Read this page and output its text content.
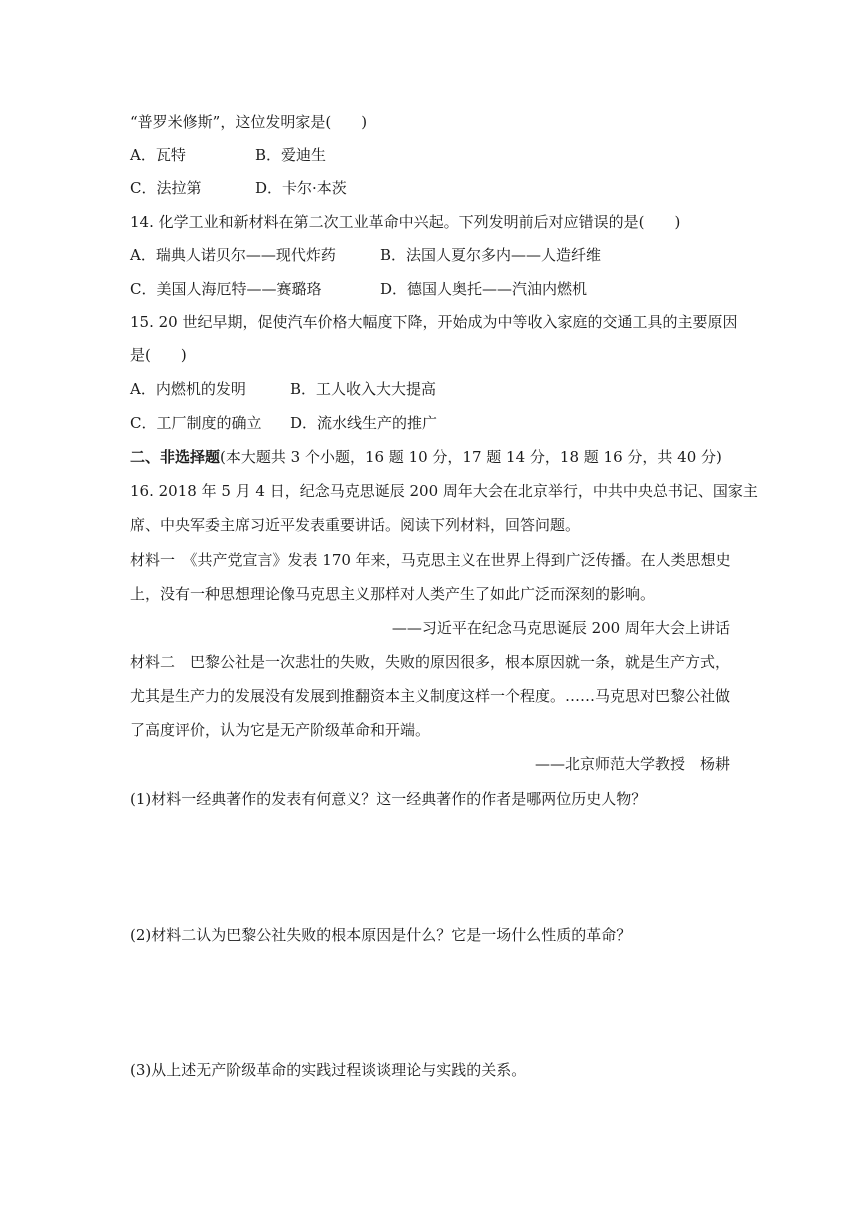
“普罗米修斯”，这位发明家是(　　)
A．瓦特	B．爱迪生
C．法拉第	D．卡尔·本茨
14. 化学工业和新材料在第二次工业革命中兴起。下列发明前后对应错误的是(　　)
A．瑞典人诺贝尔——现代炸药	B．法国人夏尔多内——人造纤维
C．美国人海厄特——赛璐珞	D．德国人奥托——汽油内燃机
15. 20 世纪早期，促使汽车价格大幅度下降，开始成为中等收入家庭的交通工具的主要原因
是(　　)
A．内燃机的发明	B．工人收入大大提高
C．工厂制度的确立 D．流水线生产的推广
二、非选择题(本大题共 3 个小题，16 题 10 分，17 题 14 分，18 题 16 分，共 40 分)
16. 2018 年 5 月 4 日，纪念马克思诞辰 200 周年大会在北京举行，中共中央总书记、国家主
席、中央军委主席习近平发表重要讲话。阅读下列材料，回答问题。
材料一　《共产党宣言》发表 170 年来，马克思主义在世界上得到广泛传播。在人类思想史
上，没有一种思想理论像马克思主义那样对人类产生了如此广泛而深刻的影响。
——习近平在纪念马克思诞辰 200 周年大会上讲话
材料二　巴黎公社是一次悲壮的失败，失败的原因很多，根本原因就一条，就是生产方式，
尤其是生产力的发展没有发展到推翻资本主义制度这样一个程度。……马克思对巴黎公社做
了高度评价，认为它是无产阶级革命和开端。
——北京师范大学教授　杨耕
(1)材料一经典著作的发表有何意义？这一经典著作的作者是哪两位历史人物？
(2)材料二认为巴黎公社失败的根本原因是什么？它是一场什么性质的革命？
(3)从上述无产阶级革命的实践过程谈谈理论与实践的关系。
